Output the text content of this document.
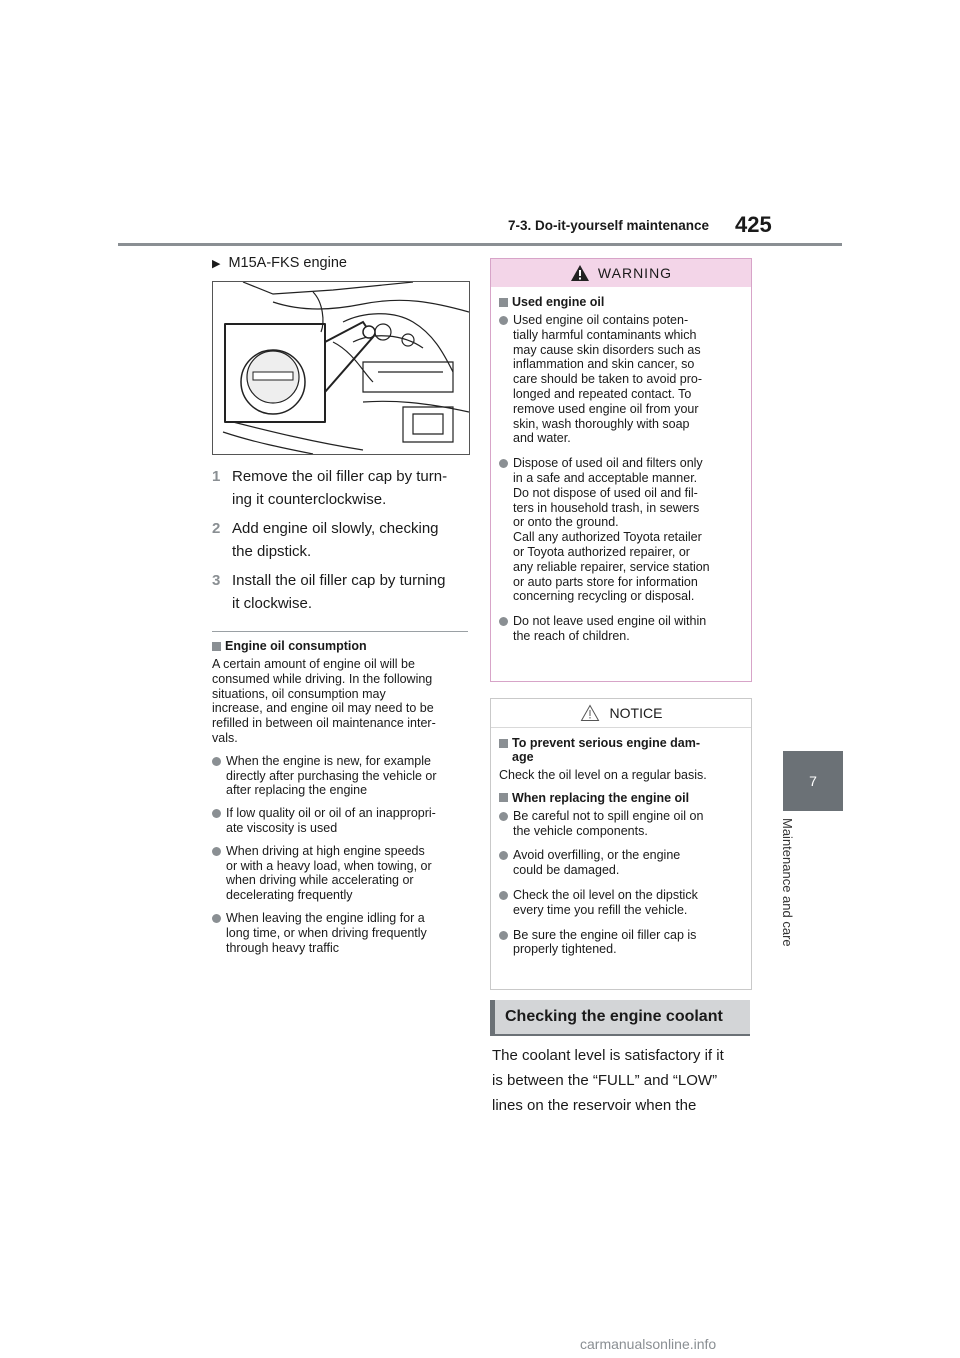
7-3. Do-it-yourself maintenance 425
7
Maintenance and care
▶ M15A-FKS engine
1 Remove the oil filler cap by turn-
ing it counterclockwise.
2 Add engine oil slowly, checking
the dipstick.
3 Install the oil filler cap by turning
it clockwise.
Engine oil consumption
A certain amount of engine oil will be
consumed while driving. In the following
situations, oil consumption may
increase, and engine oil may need to be
refilled in between oil maintenance inter-
vals.
When the engine is new, for example
directly after purchasing the vehicle or
after replacing the engine
If low quality oil or oil of an inappropri-
ate viscosity is used
When driving at high engine speeds
or with a heavy load, when towing, or
when driving while accelerating or
decelerating frequently
When leaving the engine idling for a
long time, or when driving frequently
through heavy traffic
WARNING
Used engine oil
Used engine oil contains poten-
tially harmful contaminants which
may cause skin disorders such as
inflammation and skin cancer, so
care should be taken to avoid pro-
longed and repeated contact. To
remove used engine oil from your
skin, wash thoroughly with soap
and water.
Dispose of used oil and filters only
in a safe and acceptable manner.
Do not dispose of used oil and fil-
ters in household trash, in sewers
or onto the ground.
Call any authorized Toyota retailer
or Toyota authorized repairer, or
any reliable repairer, service station
or auto parts store for information
concerning recycling or disposal.
Do not leave used engine oil within
the reach of children.
NOTICE
To prevent serious engine dam-
age
Check the oil level on a regular basis.
When replacing the engine oil
Be careful not to spill engine oil on
the vehicle components.
Avoid overfilling, or the engine
could be damaged.
Check the oil level on the dipstick
every time you refill the vehicle.
Be sure the engine oil filler cap is
properly tightened.
Checking the engine coolant
The coolant level is satisfactory if it
is between the “FULL” and “LOW”
lines on the reservoir when the
carmanualsonline.info
